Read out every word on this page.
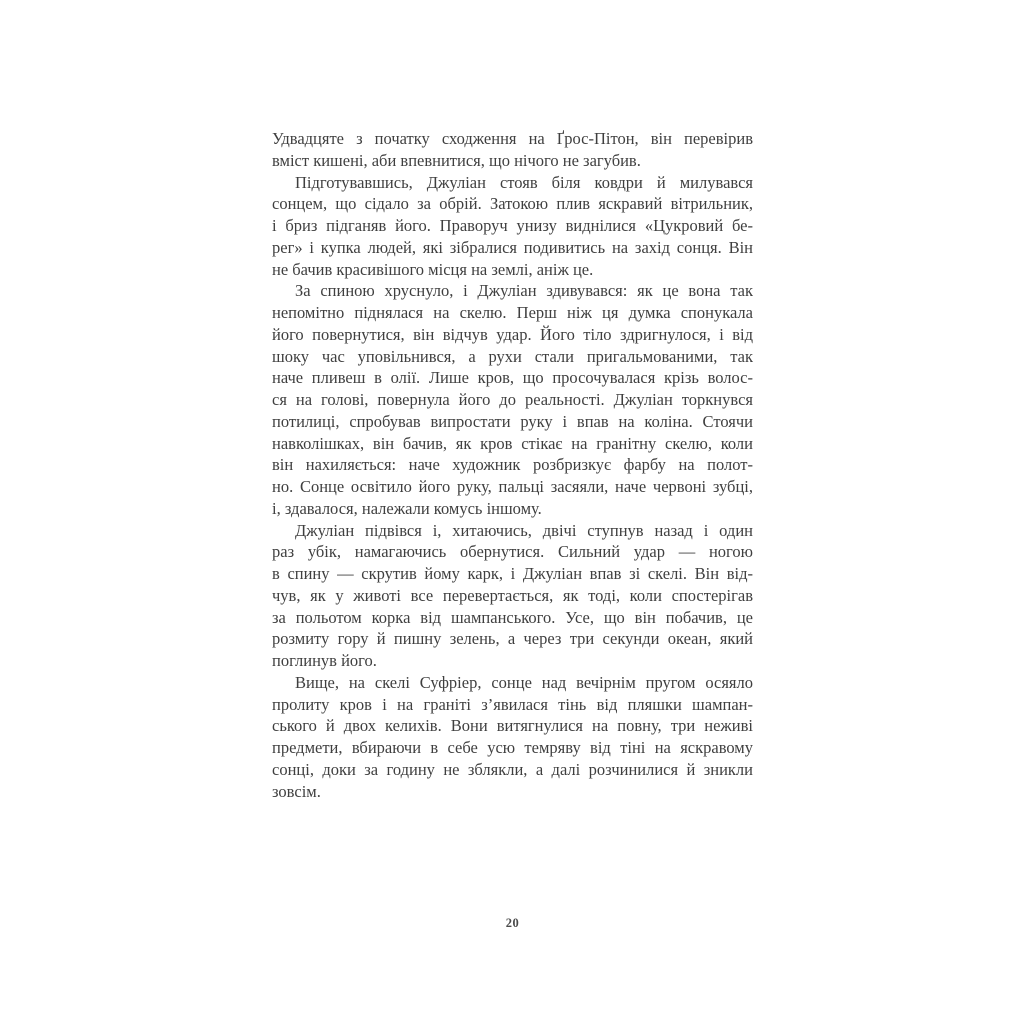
Удвадцяте з початку сходження на Ґрос-Пітон, він перевірив
вміст кишені, аби впевнитися, що нічого не загубив.
Підготувавшись, Джуліан стояв біля ковдри й милувався
сонцем, що сідало за обрій. Затокою плив яскравий вітрильник,
і бриз підганяв його. Праворуч унизу виднілися «Цукровий бе-
рег» і купка людей, які зібралися подивитись на захід сонця. Він
не бачив красивішого місця на землі, аніж це.
За спиною хруснуло, і Джуліан здивувався: як це вона так
непомітно піднялася на скелю. Перш ніж ця думка спонукала
його повернутися, він відчув удар. Його тіло здригнулося, і від
шоку час уповільнився, а рухи стали пригальмованими, так
наче пливеш в олії. Лише кров, що просочувалася крізь волос-
ся на голові, повернула його до реальності. Джуліан торкнувся
потилиці, спробував випростати руку і впав на коліна. Стоячи
навколішках, він бачив, як кров стікає на гранітну скелю, коли
він нахиляється: наче художник розбризкує фарбу на полот-
но. Сонце освітило його руку, пальці засяяли, наче червоні зубці,
і, здавалося, належали комусь іншому.
Джуліан підвівся і, хитаючись, двічі ступнув назад і один
раз убік, намагаючись обернутися. Сильний удар — ногою
в спину — скрутив йому карк, і Джуліан впав зі скелі. Він від-
чув, як у животі все перевертається, як тоді, коли спостерігав
за польотом корка від шампанського. Усе, що він побачив, це
розмиту гору й пишну зелень, а через три секунди океан, який
поглинув його.
Вище, на скелі Суфріер, сонце над вечірнім пругом осяяло
пролиту кров і на граніті з’явилася тінь від пляшки шампан-
ського й двох келихів. Вони витягнулися на повну, три неживі
предмети, вбираючи в себе усю темряву від тіні на яскравому
сонці, доки за годину не зблякли, а далі розчинилися й зникли
зовсім.
20
